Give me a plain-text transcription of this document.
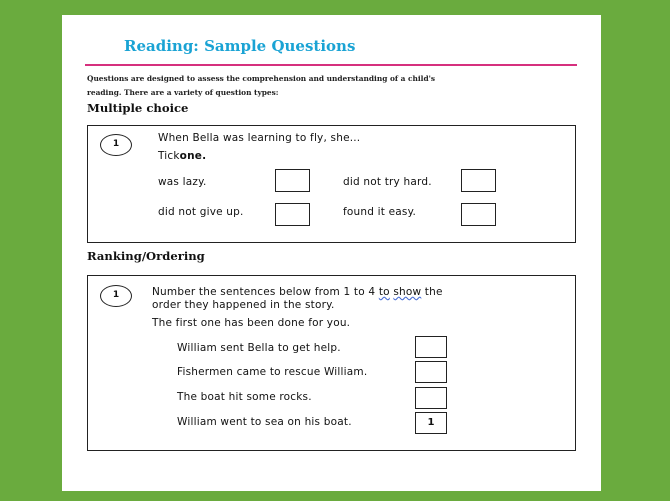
Reading: Sample Questions
Questions are designed to assess the comprehension and understanding of a child's
reading. There are a variety of question types:
Multiple choice
1	When Bella was learning to fly, she...
Tickone.
was lazy.	did not try hard.
did not give up.	found it easy.
Ranking/Ordering
1	Number the sentences below from 1 to 4 to show the
order they happened in the story.
The first one has been done for you.
William sent Bella to get help.
Fishermen came to rescue William.
The boat hit some rocks.
William went to sea on his boat.	1
